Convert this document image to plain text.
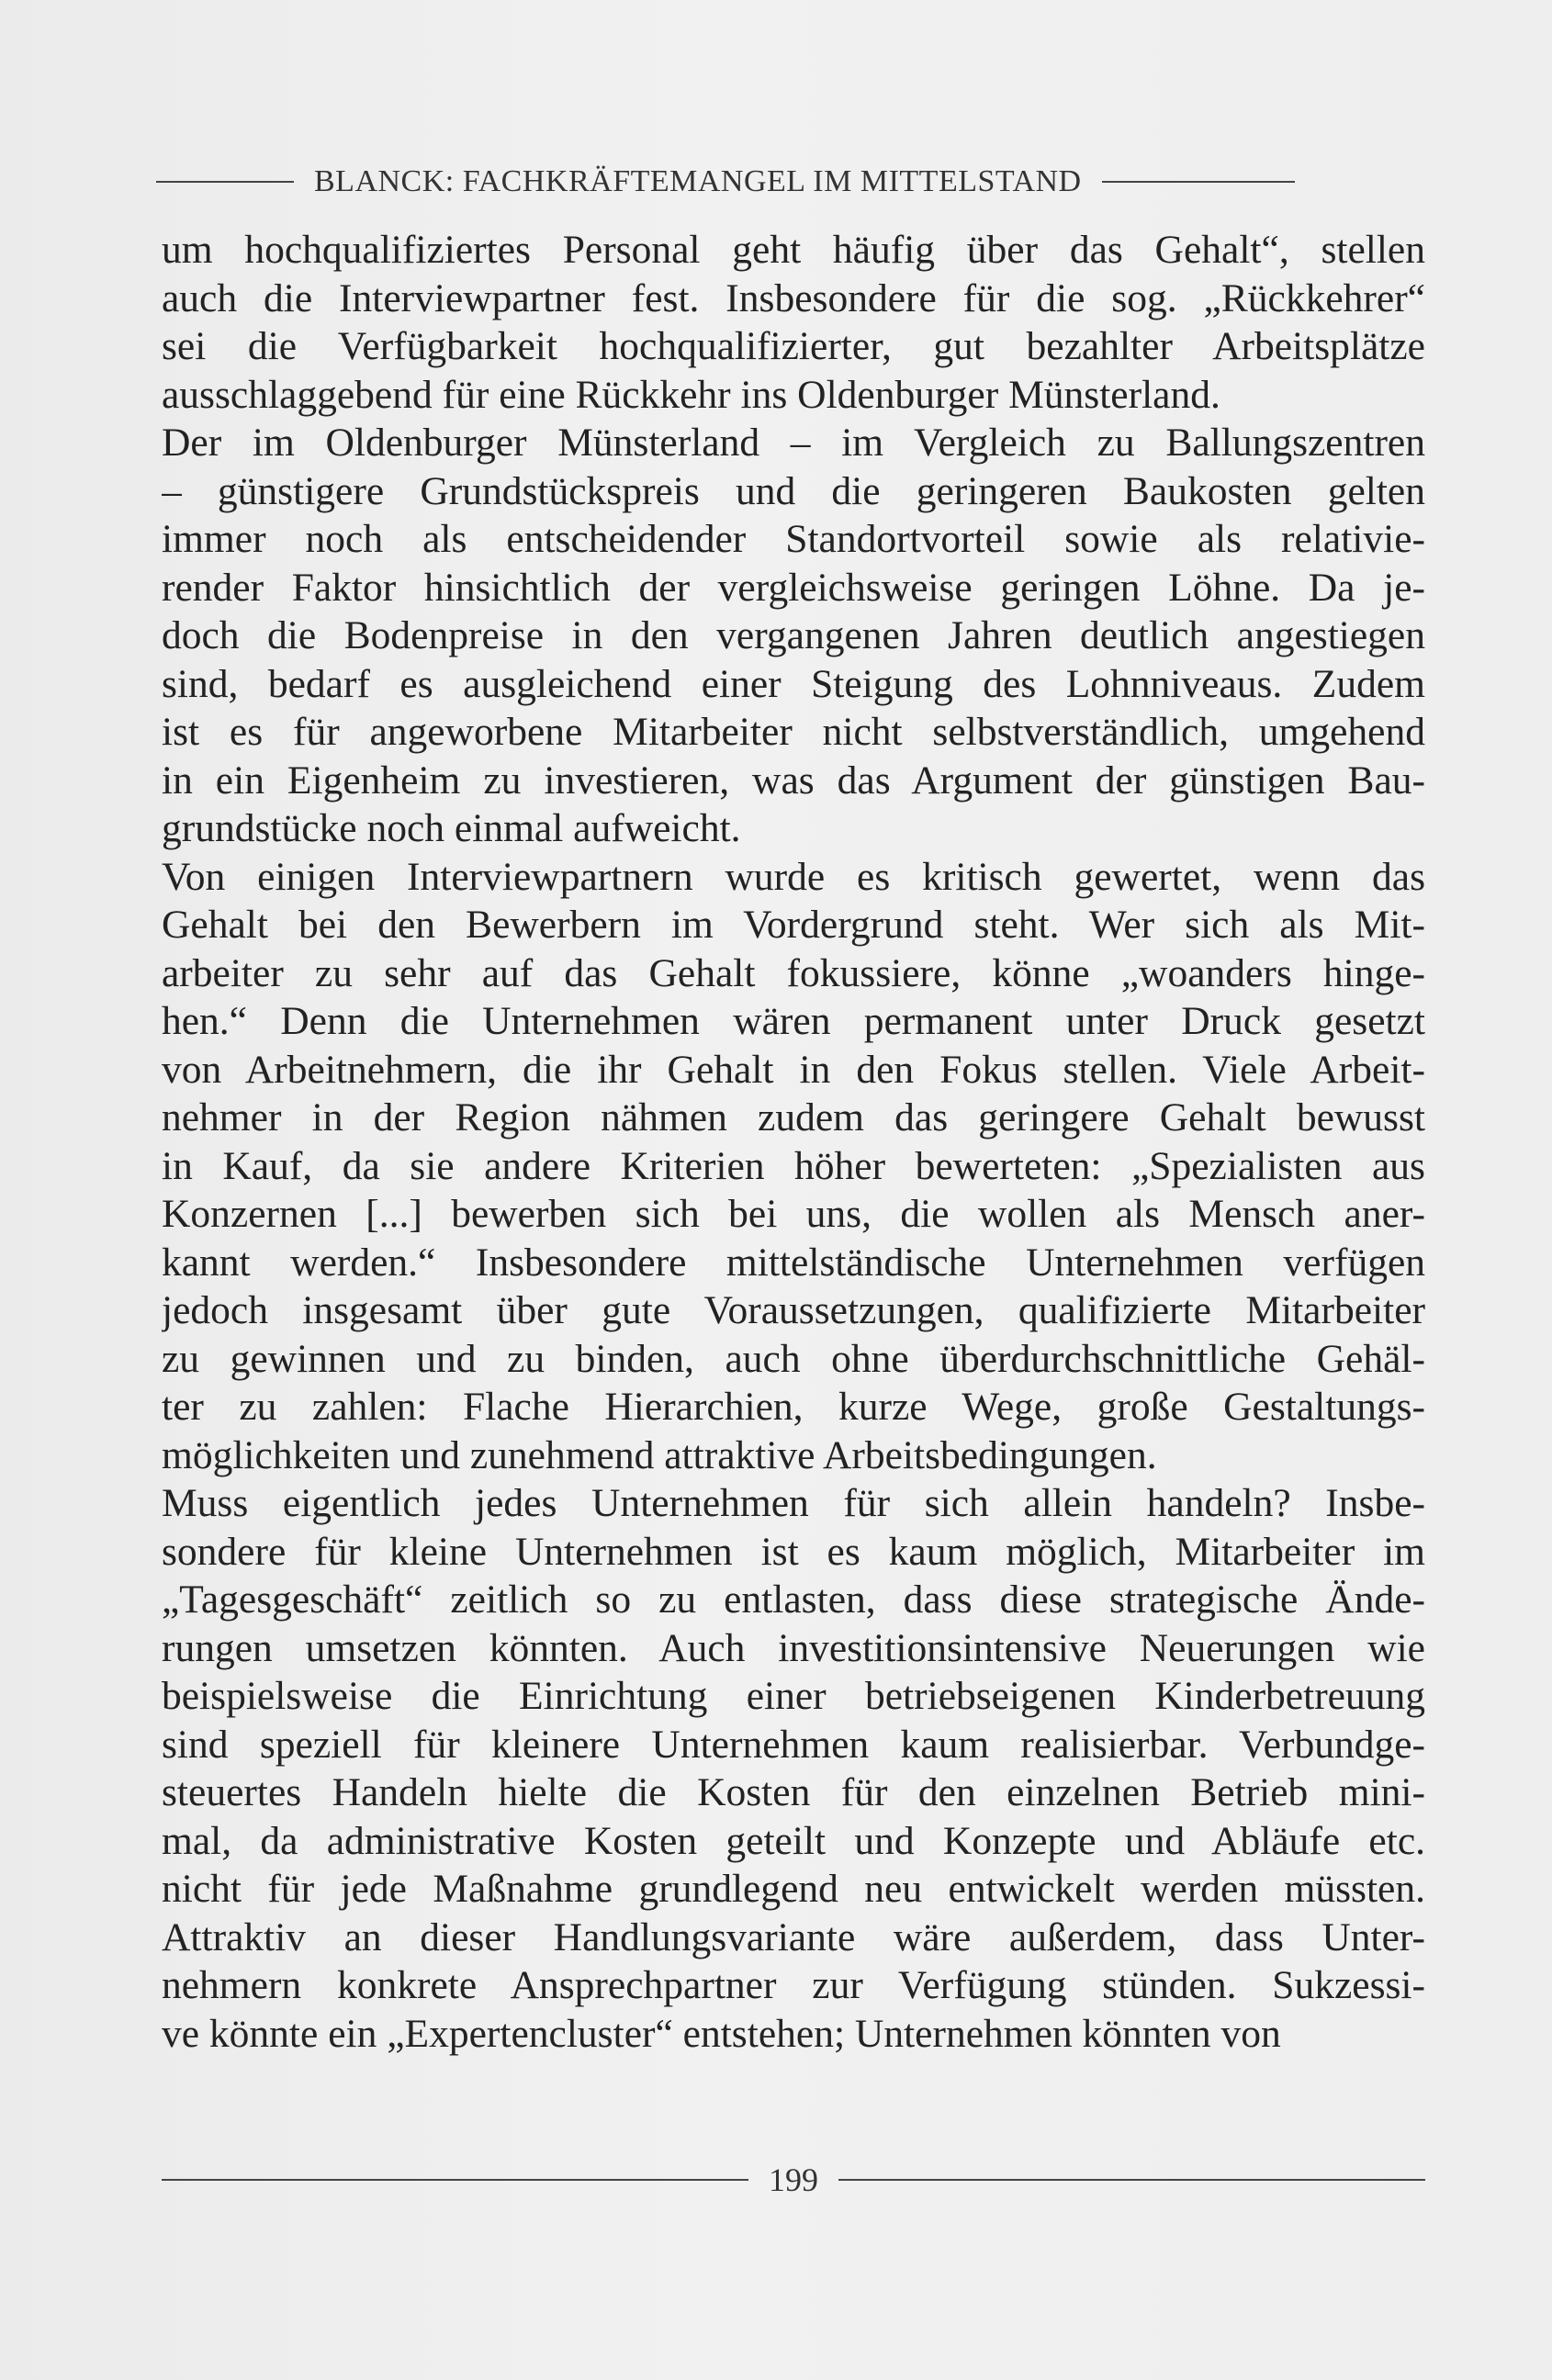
BLANCK: FACHKRÄFTEMANGEL IM MITTELSTAND
um hochqualifiziertes Personal geht häufig über das Gehalt“, stellen
auch die Interviewpartner fest. Insbesondere für die sog. „Rückkehrer“
sei die Verfügbarkeit hochqualifizierter, gut bezahlter Arbeitsplätze
ausschlaggebend für eine Rückkehr ins Oldenburger Münsterland.
Der im Oldenburger Münsterland – im Vergleich zu Ballungszentren
– günstigere Grundstückspreis und die geringeren Baukosten gelten
immer noch als entscheidender Standortvorteil sowie als relativie-
render Faktor hinsichtlich der vergleichsweise geringen Löhne. Da je-
doch die Bodenpreise in den vergangenen Jahren deutlich angestiegen
sind, bedarf es ausgleichend einer Steigung des Lohnniveaus. Zudem
ist es für angeworbene Mitarbeiter nicht selbstverständlich, umgehend
in ein Eigenheim zu investieren, was das Argument der günstigen Bau-
grundstücke noch einmal aufweicht.
Von einigen Interviewpartnern wurde es kritisch gewertet, wenn das
Gehalt bei den Bewerbern im Vordergrund steht. Wer sich als Mit-
arbeiter zu sehr auf das Gehalt fokussiere, könne „woanders hinge-
hen.“ Denn die Unternehmen wären permanent unter Druck gesetzt
von Arbeitnehmern, die ihr Gehalt in den Fokus stellen. Viele Arbeit-
nehmer in der Region nähmen zudem das geringere Gehalt bewusst
in Kauf, da sie andere Kriterien höher bewerteten: „Spezialisten aus
Konzernen [...] bewerben sich bei uns, die wollen als Mensch aner-
kannt werden.“ Insbesondere mittelständische Unternehmen verfügen
jedoch insgesamt über gute Voraussetzungen, qualifizierte Mitarbeiter
zu gewinnen und zu binden, auch ohne überdurchschnittliche Gehäl-
ter zu zahlen: Flache Hierarchien, kurze Wege, große Gestaltungs-
möglichkeiten und zunehmend attraktive Arbeitsbedingungen.
Muss eigentlich jedes Unternehmen für sich allein handeln? Insbe-
sondere für kleine Unternehmen ist es kaum möglich, Mitarbeiter im
„Tagesgeschäft“ zeitlich so zu entlasten, dass diese strategische Ände-
rungen umsetzen könnten. Auch investitionsintensive Neuerungen wie
beispielsweise die Einrichtung einer betriebseigenen Kinderbetreuung
sind speziell für kleinere Unternehmen kaum realisierbar. Verbundge-
steuertes Handeln hielte die Kosten für den einzelnen Betrieb mini-
mal, da administrative Kosten geteilt und Konzepte und Abläufe etc.
nicht für jede Maßnahme grundlegend neu entwickelt werden müssten.
Attraktiv an dieser Handlungsvariante wäre außerdem, dass Unter-
nehmern konkrete Ansprechpartner zur Verfügung stünden. Sukzessi-
ve könnte ein „Expertencluster“ entstehen; Unternehmen könnten von
199
